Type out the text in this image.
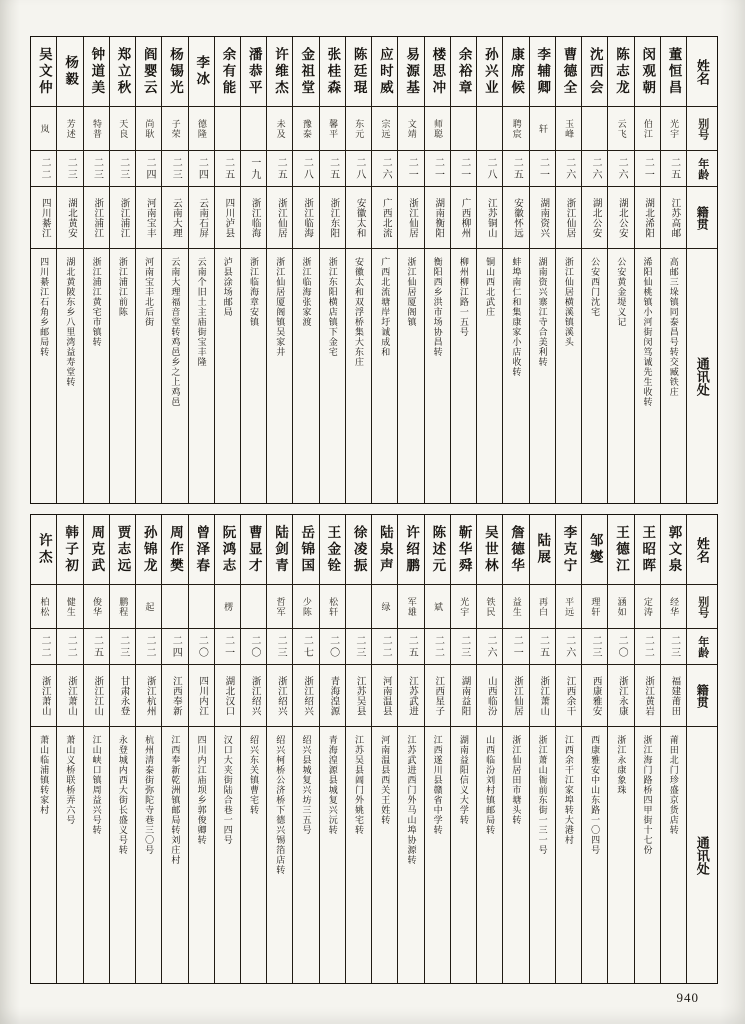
姓名
别号
年龄
籍贯
通讯处
董恒昌
光宇
二五
江苏高邮
高邮三垛镇同泰昌号转交臧铁庄
闵观朝
伯江
二一
湖北浠阳
浠阳仙桃镇小河街闵笃诚先生收转
陈志龙
云飞
二六
湖北公安
公安黄金堤义记
沈西会
二六
湖北公安
公安西门沈宅
曹德全
玉峰
二六
浙江仙居
浙江仙居横溪镇溪头
李辅卿
轩
二一
湖南资兴
湖南资兴寨江寺合美利转
康席候
聘宸
二五
安徽怀远
蚌埠南仁和集康家小店收转
孙兴业
二八
江苏铜山
铜山西北武庄
余裕章
二一
广西柳州
柳州柳江路一五号
楼思冲
师聪
二一
湖南衡阳
衡阳西乡洪市场协昌转
易源基
文靖
二一
浙江仙居
浙江仙居厦阁镇
应时威
宗远
二六
广西北流
广西北流塘岸圩诚成和
陈廷琨
东元
二八
安徽太和
安徽太和双浮桥集大东庄
张桂森
馨平
二五
浙江东阳
浙江东阳横店镇下金宅
金祖堂
豫泰
二八
浙江临海
浙江临海张家渡
许维杰
未及
二五
浙江仙居
浙江仙居厦阁镇吴家井
潘恭平
一九
浙江临海
浙江临海章安镇
余有能
二五
四川泸县
泸县涂场邮局
李冰
德隆
二四
云南石屏
云南个旧土主庙街宝丰隆
杨锡光
子荣
二三
云南大理
云南大理福音堂转鸡邑乡之上鸡邑
阎婴云
尚耿
二四
河南宝丰
河南宝丰北后街
郑立秋
天良
二三
浙江浦江
浙江浦江前陈
钟道美
特普
二三
浙江浦江
浙江浦江黄宅市镇转
杨毅
芳述
二三
湖北黄安
湖北黄陂东乡八里湾益寿堂转
吴文仲
岚
二二
四川綦江
四川綦江石角乡邮局转
姓名
别号
年龄
籍贯
通讯处
郭文泉
经华
二三
福建莆田
莆田北门珍盛京货店转
王昭晖
定涛
二二
浙江黄岩
浙江海门路桥四甲街十七份
王德江
涵如
二〇
浙江永康
浙江永康象珠
邹燮
理轩
二三
西康雅安
西康雅安中山东路一〇四号
李克宁
平远
二六
江西余干
江西余干江家埠转大港村
陆展
再白
二五
浙江萧山
浙江萧山衙前东街一三一号
詹德华
益生
二一
浙江仙居
浙江仙居田市塘头转
吴世林
铁民
二六
山西临汾
山西临汾刘村镇邮局转
靳华舜
光宇
二三
湖南益阳
湖南益阳信义大学转
陈述元
斌
二二
江西星子
江西遂川县赣省中学转
许绍鹏
军雄
二五
江苏武进
江苏武进西门外马山埠协源转
陆泉声
绿
二二
河南温县
河南温县西关王姓转
徐凌振
二三
江苏吴县
江苏吴县阊门外姚宅转
王金铨
松轩
二〇
青海湟源
青海湟源县城复兴沅转
岳锦国
少陈
二七
浙江绍兴
绍兴县城复兴坊三五号
陆剑青
哲军
二三
浙江绍兴
绍兴柯桥公济桥下德兴锡箔店转
曹显才
二〇
浙江绍兴
绍兴东关镇曹宅转
阮鸿志
楞
二一
湖北汉口
汉口大夹街陆合巷一四号
曾泽春
二〇
四川内江
四川内江庙坝乡郭俊卿转
周作樊
二四
江西奉新
江西奉新乾洲镇邮局转刘庄村
孙锦龙
起
二二
浙江杭州
杭州清泰街弥陀寺巷三〇号
贾志远
鹏程
二三
甘肃永登
永登城内西大街长盛义号转
周克武
俊华
二五
浙江江山
江山峡口镇周益兴号转
韩子初
健生
二二
浙江萧山
萧山义桥联桥弄六号
许杰
柏松
二二
浙江萧山
萧山临浦镇转家村
940
